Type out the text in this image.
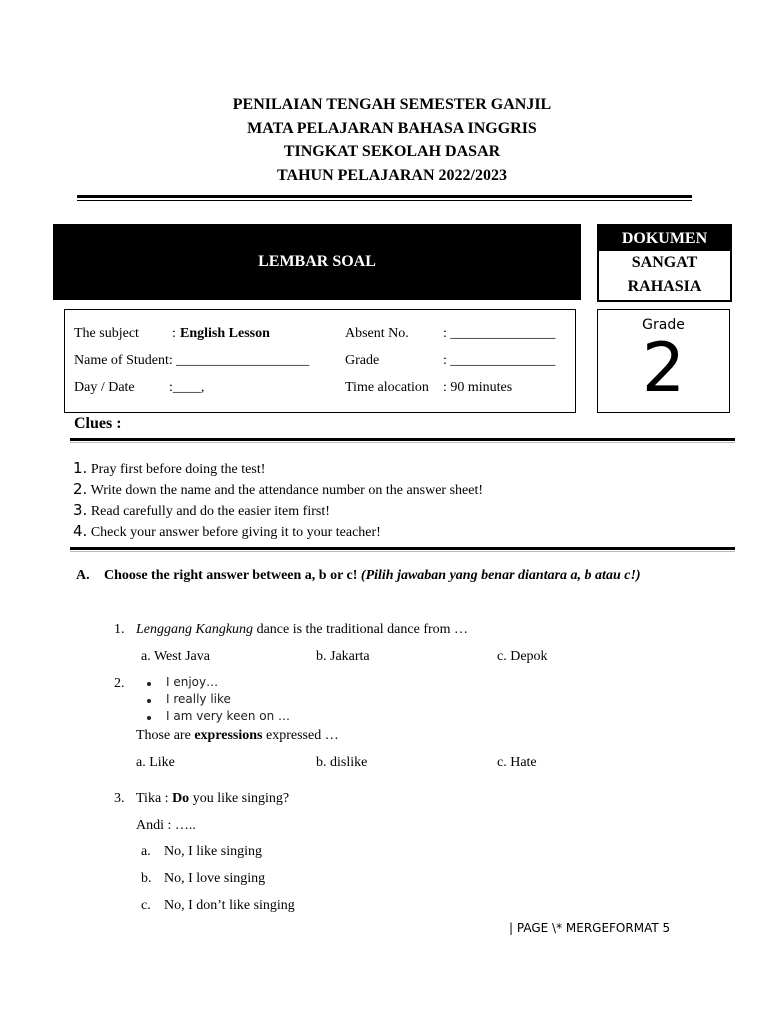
PENILAIAN TENGAH SEMESTER GANJIL
MATA PELAJARAN BAHASA INGGRIS
TINGKAT SEKOLAH DASAR
TAHUN PELAJARAN 2022/2023
LEMBAR SOAL
DOKUMEN
SANGAT
RAHASIA
The subject : English Lesson
Name of Student: ___________________
Day / Date :____,
Absent No. : _______________
Grade	: _______________
Time alocation : 90 minutes
Grade
2
Clues :
1. Pray first before doing the test!
2. Write down the name and the attendance number on the answer sheet!
3. Read carefully and do the easier item first!
4. Check your answer before giving it to your teacher!
A. Choose the right answer between a, b or c! (Pilih jawaban yang benar diantara a, b atau c!)
1. Lenggang Kangkung dance is the traditional dance from …
a. West Java	b. Jakarta	c. Depok
2.	I enjoy…
I really like
I am very keen on …
Those are expressions expressed …
a. Like	b. dislike	c. Hate
3. Tika : Do you like singing?
Andi : …..
a. No, I like singing
b. No, I love singing
c. No, I don’t like singing
| PAGE \* MERGEFORMAT 5
